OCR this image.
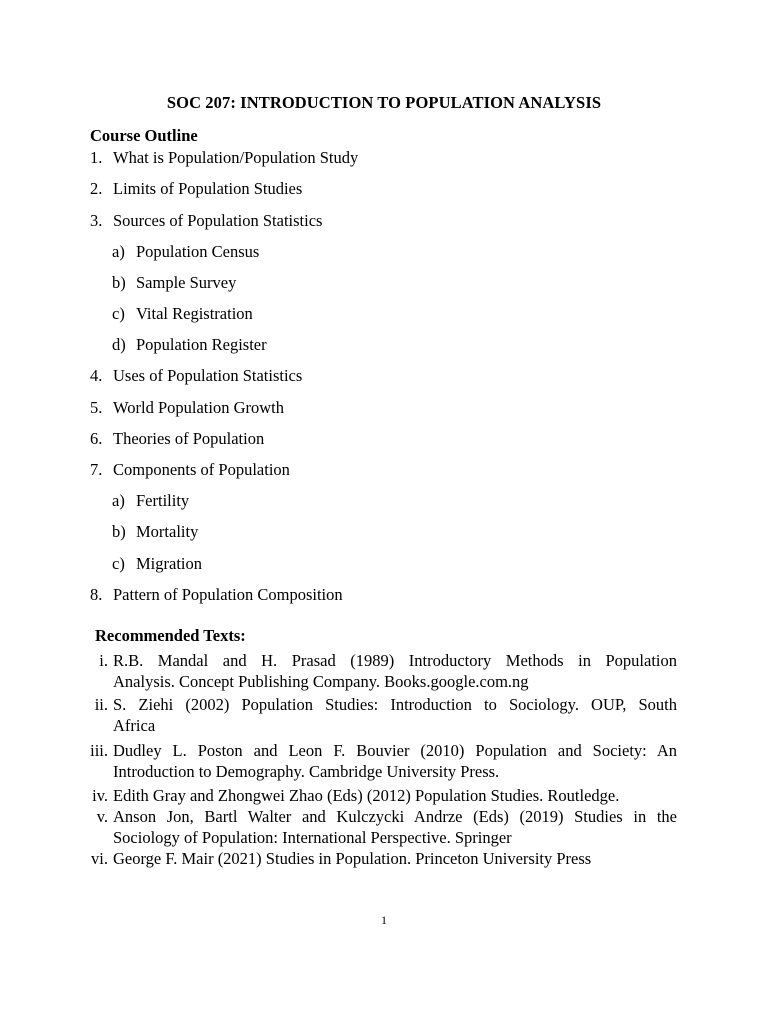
SOC 207: INTRODUCTION TO POPULATION ANALYSIS
Course Outline
1. What is Population/Population Study
2. Limits of Population Studies
3. Sources of Population Statistics
a) Population Census
b) Sample Survey
c) Vital Registration
d) Population Register
4. Uses of Population Statistics
5. World Population Growth
6. Theories of Population
7. Components of Population
a) Fertility
b) Mortality
c) Migration
8. Pattern of Population Composition
Recommended Texts:
i. R.B. Mandal and H. Prasad (1989) Introductory Methods in Population
Analysis. Concept Publishing Company. Books.google.com.ng
ii. S. Ziehi (2002) Population Studies: Introduction to Sociology. OUP, South
Africa
iii. Dudley L. Poston and Leon F. Bouvier (2010) Population and Society: An
Introduction to Demography. Cambridge University Press.
iv. Edith Gray and Zhongwei Zhao (Eds) (2012) Population Studies. Routledge.
v. Anson Jon, Bartl Walter and Kulczycki Andrze (Eds) (2019) Studies in the
Sociology of Population: International Perspective. Springer
vi. George F. Mair (2021) Studies in Population. Princeton University Press
1
